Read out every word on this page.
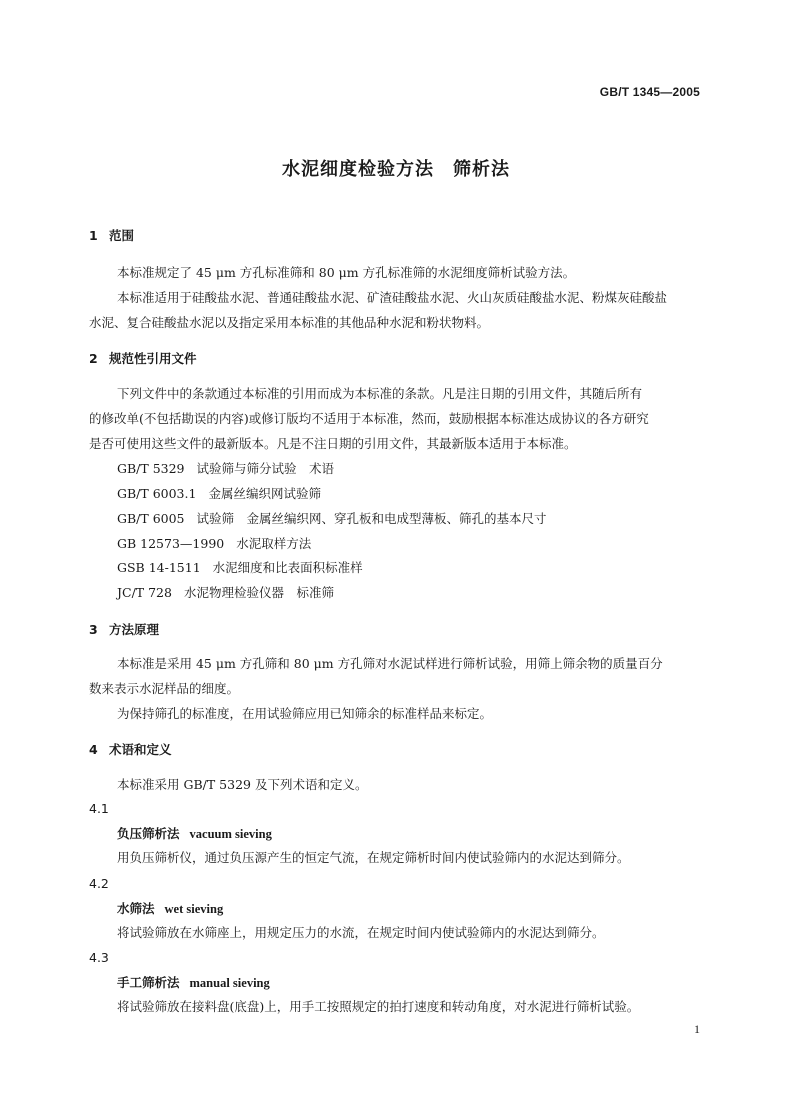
GB/T 1345—2005
水泥细度检验方法　筛析法
1 范围
本标准规定了 45 μm 方孔标准筛和 80 μm 方孔标准筛的水泥细度筛析试验方法。
本标准适用于硅酸盐水泥、普通硅酸盐水泥、矿渣硅酸盐水泥、火山灰质硅酸盐水泥、粉煤灰硅酸盐
水泥、复合硅酸盐水泥以及指定采用本标准的其他品种水泥和粉状物料。
2 规范性引用文件
下列文件中的条款通过本标准的引用而成为本标准的条款。凡是注日期的引用文件，其随后所有
的修改单(不包括勘误的内容)或修订版均不适用于本标准，然而，鼓励根据本标准达成协议的各方研究
是否可使用这些文件的最新版本。凡是不注日期的引用文件，其最新版本适用于本标准。
GB/T 5329 试验筛与筛分试验　术语
GB/T 6003.1 金属丝编织网试验筛
GB/T 6005 试验筛　金属丝编织网、穿孔板和电成型薄板、筛孔的基本尺寸
GB 12573—1990 水泥取样方法
GSB 14-1511 水泥细度和比表面积标准样
JC/T 728 水泥物理检验仪器　标准筛
3 方法原理
本标准是采用 45 μm 方孔筛和 80 μm 方孔筛对水泥试样进行筛析试验，用筛上筛余物的质量百分
数来表示水泥样品的细度。
为保持筛孔的标准度，在用试验筛应用已知筛余的标准样品来标定。
4 术语和定义
本标准采用 GB/T 5329 及下列术语和定义。
4.1
负压筛析法 vacuum sieving
用负压筛析仪，通过负压源产生的恒定气流，在规定筛析时间内使试验筛内的水泥达到筛分。
4.2
水筛法 wet sieving
将试验筛放在水筛座上，用规定压力的水流，在规定时间内使试验筛内的水泥达到筛分。
4.3
手工筛析法 manual sieving
将试验筛放在接料盘(底盘)上，用手工按照规定的拍打速度和转动角度，对水泥进行筛析试验。
1
